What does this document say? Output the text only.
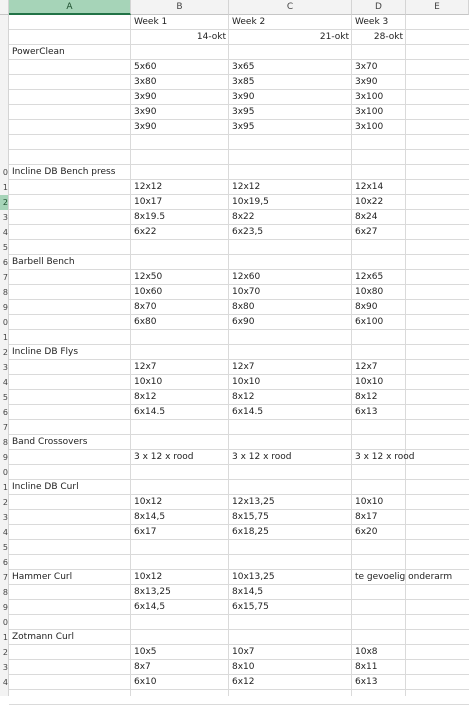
A	B	C	D	E
Week 1	Week 2	Week 3
14-okt	21-okt	28-okt
PowerClean
5x60	3x65	3x70
3x80	3x85	3x90
3x90	3x90	3x100
3x90	3x95	3x100
3x90	3x95	3x100
0 Incline DB Bench press
1	12x12	12x12	12x14
2	10x17	10x19,5	10x22
3	8x19.5	8x22	8x24
4	6x22	6x23,5	6x27
5
6 Barbell Bench
7	12x50	12x60	12x65
8	10x60	10x70	10x80
9	8x70	8x80	8x90
0	6x80	6x90	6x100
1
2 Incline DB Flys
3	12x7	12x7	12x7
4	10x10	10x10	10x10
5	8x12	8x12	8x12
6	6x14.5	6x14.5	6x13
7
8 Band Crossovers
9	3 x 12 x rood	3 x 12 x rood	3 x 12 x rood
0
1 Incline DB Curl
2	10x12	12x13,25	10x10
3	8x14,5	8x15,75	8x17
4	6x17	6x18,25	6x20
5
6
7 Hammer Curl	10x12	10x13,25	te gevoelig onderarm
8	8x13,25	8x14,5
9	6x14,5	6x15,75
0
1 Zotmann Curl
2	10x5	10x7	10x8
3	8x7	8x10	8x11
4	6x10	6x12	6x13
